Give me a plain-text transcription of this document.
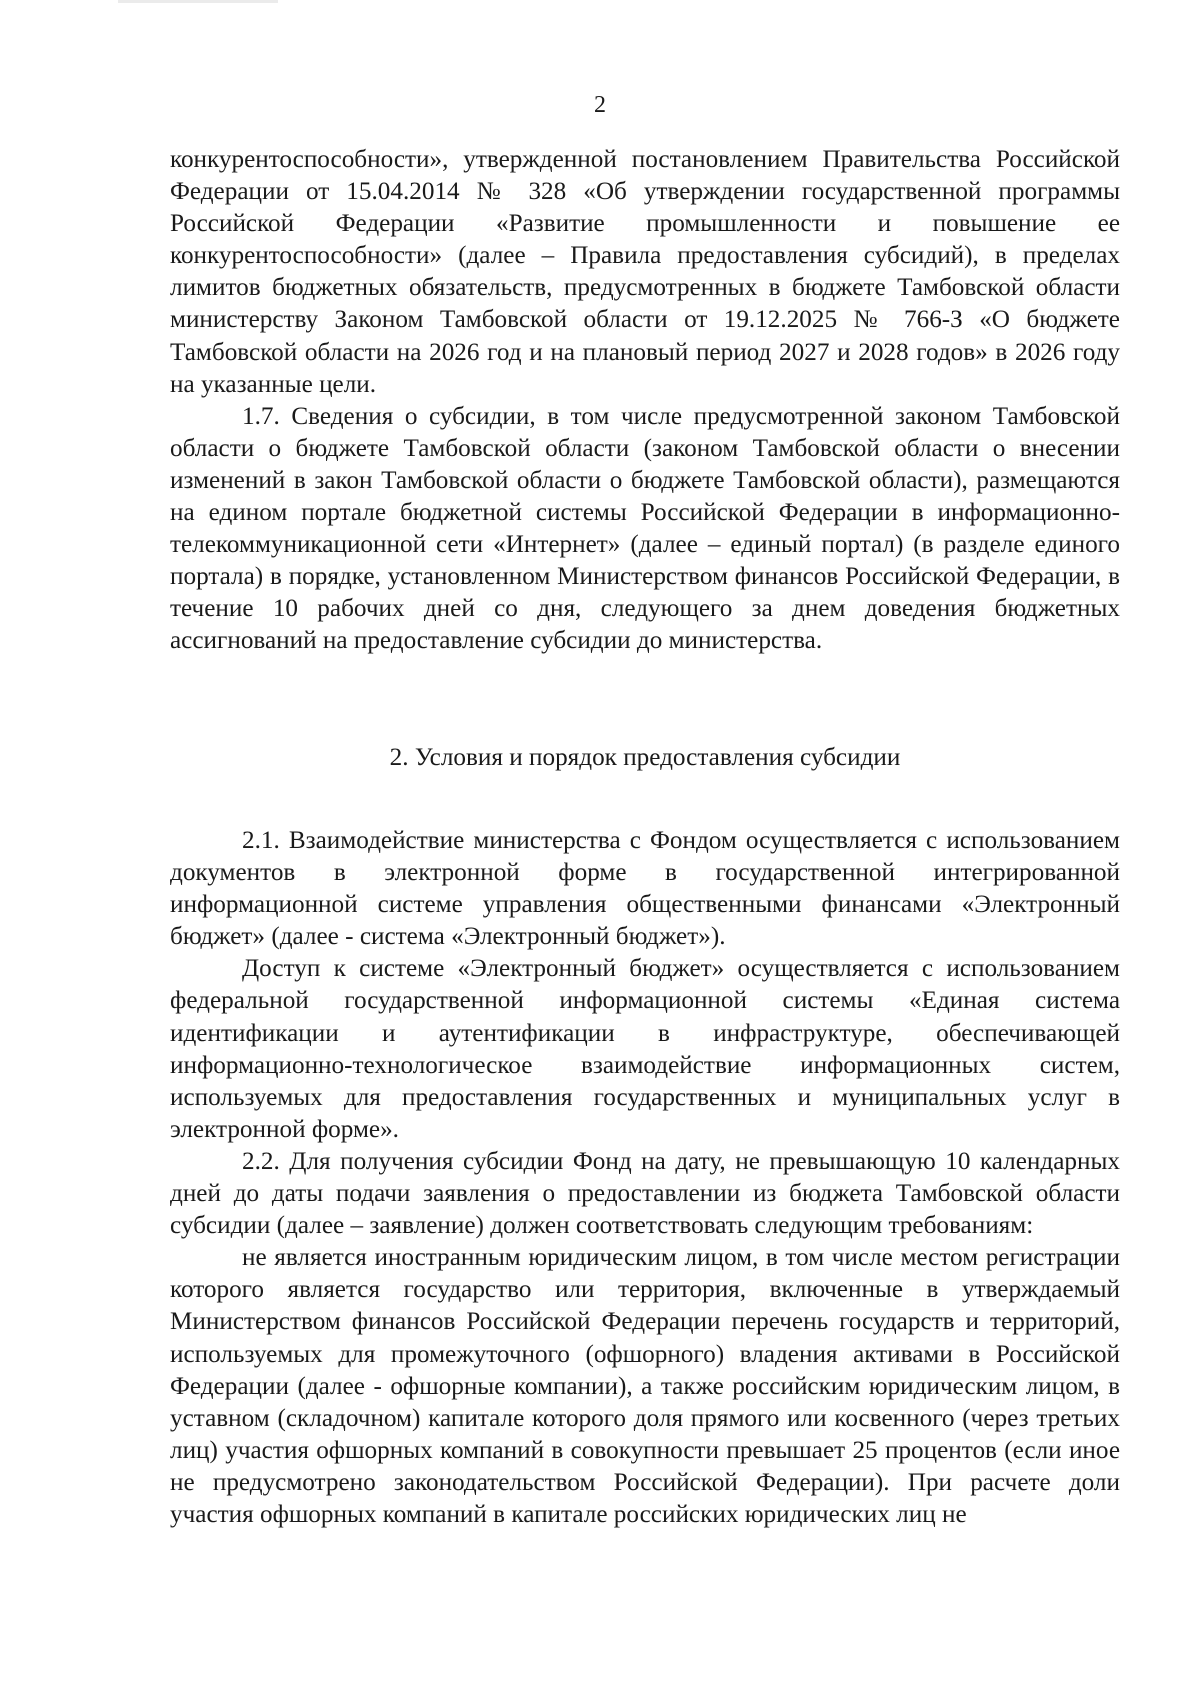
2

конкурентоспособности», утвержденной постановлением Правительства Российской Федерации от 15.04.2014 № 328 «Об утверждении государственной программы Российской Федерации «Развитие промышленности и повышение ее конкурентоспособности» (далее – Правила предоставления субсидий), в пределах лимитов бюджетных обязательств, предусмотренных в бюджете Тамбовской области министерству Законом Тамбовской области от 19.12.2025 № 766-З «О бюджете Тамбовской области на 2026 год и на плановый период 2027 и 2028 годов» в 2026 году на указанные цели.

1.7. Сведения о субсидии, в том числе предусмотренной законом Тамбовской области о бюджете Тамбовской области (законом Тамбовской области о внесении изменений в закон Тамбовской области о бюджете Тамбовской области), размещаются на едином портале бюджетной системы Российской Федерации в информационно-телекоммуникационной сети «Интернет» (далее – единый портал) (в разделе единого портала) в порядке, установленном Министерством финансов Российской Федерации, в течение 10 рабочих дней со дня, следующего за днем доведения бюджетных ассигнований на предоставление субсидии до министерства.

2. Условия и порядок предоставления субсидии

2.1. Взаимодействие министерства с Фондом осуществляется с использованием документов в электронной форме в государственной интегрированной информационной системе управления общественными финансами «Электронный бюджет» (далее - система «Электронный бюджет»).

Доступ к системе «Электронный бюджет» осуществляется с использованием федеральной государственной информационной системы «Единая система идентификации и аутентификации в инфраструктуре, обеспечивающей информационно-технологическое взаимодействие информационных систем, используемых для предоставления государственных и муниципальных услуг в электронной форме».

2.2. Для получения субсидии Фонд на дату, не превышающую 10 календарных дней до даты подачи заявления о предоставлении из бюджета Тамбовской области субсидии (далее – заявление) должен соответствовать следующим требованиям:

не является иностранным юридическим лицом, в том числе местом регистрации которого является государство или территория, включенные в утверждаемый Министерством финансов Российской Федерации перечень государств и территорий, используемых для промежуточного (офшорного) владения активами в Российской Федерации (далее - офшорные компании), а также российским юридическим лицом, в уставном (складочном) капитале которого доля прямого или косвенного (через третьих лиц) участия офшорных компаний в совокупности превышает 25 процентов (если иное не предусмотрено законодательством Российской Федерации). При расчете доли участия офшорных компаний в капитале российских юридических лиц не
